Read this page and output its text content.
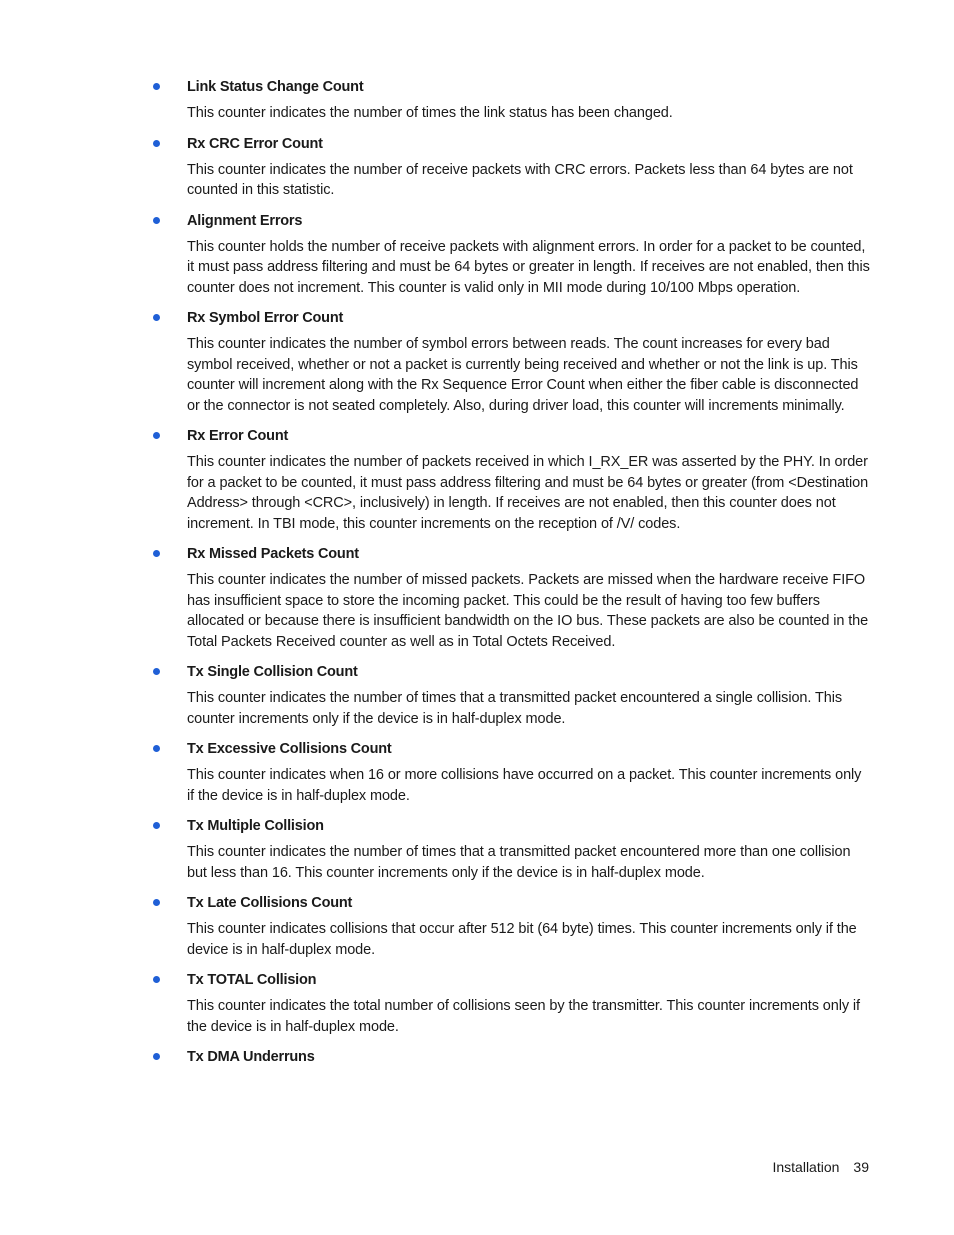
Link Status Change Count

This counter indicates the number of times the link status has been changed.

Rx CRC Error Count

This counter indicates the number of receive packets with CRC errors. Packets less than 64 bytes are not counted in this statistic.

Alignment Errors

This counter holds the number of receive packets with alignment errors. In order for a packet to be counted, it must pass address filtering and must be 64 bytes or greater in length. If receives are not enabled, then this counter does not increment. This counter is valid only in MII mode during 10/100 Mbps operation.

Rx Symbol Error Count

This counter indicates the number of symbol errors between reads. The count increases for every bad symbol received, whether or not a packet is currently being received and whether or not the link is up. This counter will increment along with the Rx Sequence Error Count when either the fiber cable is disconnected or the connector is not seated completely. Also, during driver load, this counter will increments minimally.

Rx Error Count

This counter indicates the number of packets received in which I_RX_ER was asserted by the PHY. In order for a packet to be counted, it must pass address filtering and must be 64 bytes or greater (from <Destination Address> through <CRC>, inclusively) in length. If receives are not enabled, then this counter does not increment. In TBI mode, this counter increments on the reception of /V/ codes.

Rx Missed Packets Count

This counter indicates the number of missed packets. Packets are missed when the hardware receive FIFO has insufficient space to store the incoming packet. This could be the result of having too few buffers allocated or because there is insufficient bandwidth on the IO bus. These packets are also be counted in the Total Packets Received counter as well as in Total Octets Received.

Tx Single Collision Count

This counter indicates the number of times that a transmitted packet encountered a single collision. This counter increments only if the device is in half-duplex mode.

Tx Excessive Collisions Count

This counter indicates when 16 or more collisions have occurred on a packet. This counter increments only if the device is in half-duplex mode.

Tx Multiple Collision

This counter indicates the number of times that a transmitted packet encountered more than one collision but less than 16. This counter increments only if the device is in half-duplex mode.

Tx Late Collisions Count

This counter indicates collisions that occur after 512 bit (64 byte) times. This counter increments only if the device is in half-duplex mode.

Tx TOTAL Collision

This counter indicates the total number of collisions seen by the transmitter. This counter increments only if the device is in half-duplex mode.

Tx DMA Underruns
Installation 39
